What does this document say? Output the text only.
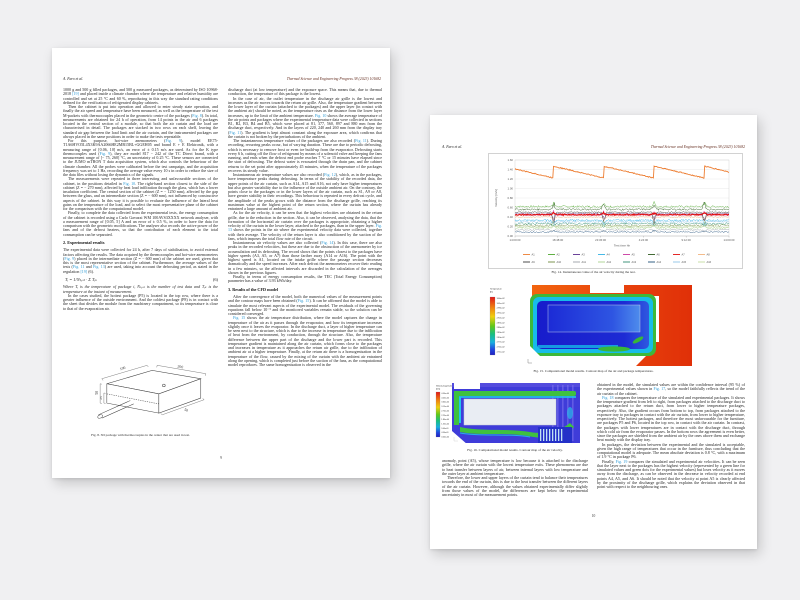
A. Faro et al.	Thermal Science and Engineering Progress 38 (2023) 101682

1000 g and 500 g filled packages, and 500 g measured packages, as determined by ISO 10968-2018 [19] and placed inside a climate chamber where the temperature and relative humidity are controlled and set at 25 °C and 60 %, reproducing in this way the standard rating conditions defined for the verification of refrigerated display cabinets.

Then the cabinet is put into operation and allowed to enter steady state operation, and finally the air speed and temperature have been measured, as well as the temperature of the test M-packets with thermocouples placed in the geometric centre of the packages (Fig. 8). In total, measurements are obtained for 24 h of operation, from 14 points in the air and 6 packages located in the central section of a module, so that both the air curtain and the load are characterised in detail. The packages are stacked in two rows on each shelf, leaving the standard air gap between the load limit and the air curtain, and the instrumented packages are always placed in the same positions in order to make the tests repeatable.

For this purpose, hot-wire anemometers (Fig. 9), model EE75-T1A6HVO5L4X3K9AA2066HE2MB15BL+GGEH05 and brand E + E Elektronik, with a measuring range of [0.06, 10] m/s, an error of ± 0.15 m/s are used. As for the K type thermocouples used (Fig. 9), they are model 817 − 242 of the TC Direct brand, with a measurement range of [− 75, 260] °C, an uncertainty of 0.25 °C. These sensors are connected to the JUMO mTRON T data acquisition system, which also controls the behaviour of the climate chamber. All the probes were calibrated before the test campaign, and the acquisition frequency was set to 1 Hz, recording the average value every 10 s in order to reduce the size of the data files without losing the dynamics of the signals.

The measurements were repeated in three interesting and unfavourable sections of the cabinet, in the positions detailed in Fig. 10. The right-hand section closest to the side of the cabinet (Z = − 270 mm), affected by heat load infiltration through the glass, which has a lower insulation coefficient. The central section of the cabinet (Z = − 1250 mm), affected by the gap between the glass, and an intermediate section (Z = − 600 mm), not influenced by constructive aspects of the cabinet. In this way it is possible to evaluate the influence of the lateral heat gains on the temperature of the load, and to select the most representative plane of the cabinet for the comparison with the computational model.

Finally, to complete the data collected from the experimental tests, the energy consumption of the cabinet is recorded using a Carlo Gavazzi WM 100AVS3XXXX network analyser, with a measurement range of [0.05, 5] A and an error of ± 0.5 %, in order to have the data for comparison with the geometric modifications. The analyser also records the active power of the fans and of the defrost heaters, so that the contribution of each element to the total consumption can be separated.

2. Experimental results

The experimental data were collected for 24 h, after 7 days of stabilisation, to avoid external factors affecting the results. The data acquired by the thermocouples and hot-wire anemometers (Fig. 9) placed in the intermediate section (Z = − 600 mm) of the cabinet are used, given that this is the most representative section of the cabinet. Furthermore, the average values of the tests (Fig. 11 and Fig. 13) are used, taking into account the defrosting period, as stated in the regulation [19] (6).

Tᵢ = 1/Nₜₑₛₜ · Σ Tᵢₖ	(6)

Where Tᵢ is the temperature of package i, Nₜₑₛₜ is the number of test data and Tᵢₖ is the temperature at the instant of measurement.

In the cases studied, the hottest package (P5) is located in the top row, where there is a greater influence of the outside environment. And the coldest package (P8) is in contact with the sheet that divides the module from the machinery compartment, so its temperature is close to that of the evaporation air.

100	200
50
25
50

Fig. 8. 3D package with thermocouples in the center that are used in test.

discharge duct (at low temperature) and the exposure space. This means that, due to thermal conduction, the temperature of this package is the lowest.

In the case of air, the outlet temperature in the discharge air grille is the lowest and increases as the air moves towards the return air grille. Also, the temperature gradient between the lower layer of the curtain (attached to the packages) and the upper layer (in contact with the ambient air) should be noted, as the temperature rises as the distance from the lower layer increases, up to the limit of the ambient temperature. Fig. 10 shows the average temperature of the air points and packages where the experimental temperature data were collected in sections B1, B2, B3, B4 and B5, which were placed at 81, 377, 560, 897 and 880 mm from the discharge duct, respectively. And in the layers of 220, 240 and 260 mm from the display tray (Fig. 11). The gradient is kept almost constant along the exposure area, which confirms that the curtain is not broken by the perturbations of the ambient.

The instantaneous temperature values of the packages are also recorded (Fig. 11). During recording, recurring peaks occur, but of varying duration. These are due to periodic defrosting, which is necessary to remove frost or even ice build-up from the evaporator. Defrosting starts every 6 h, cutting off the flow of refrigerant by means of a solenoid valve and keeping the fans running, and ends when the defrost end probe reaches 7 °C or 15 minutes have elapsed since the start of defrosting. The defrost water is evacuated through the drain pan, and the cabinet returns to the set point after approximately 45 minutes, when the temperature of the packages recovers its steady value.

Instantaneous air temperature values are also recorded (Fig. 12), which, as in the packages, have temperature peaks during defrosting. In terms of the stability of the recorded data, the upper points of the air curtain, such as A14, A15 and A16, not only have higher temperatures but also greater variability due to the influence of the outside ambient air. On the contrary, the points close to the packages or in the lower layers of the air curtain, such as S1, A9 or A8, have greater stability in their recordings. This behaviour is repeated in every defrost cycle, and the amplitude of the peaks grows with the distance from the discharge grille, reaching its maximum value at the highest point of the return section, where the curtain has already entrained a large amount of ambient air.

As for the air velocity, it can be seen that the highest velocities are obtained in the return grille, due to the reduction in the section. Also, it can be observed, analysing the data, that the formation of the horizontal air curtain over the packages is appropriate, obtaining a higher velocity of the curtain in the lower layer, attached to the packages, than in the upper layer. Fig. 13 shows the points in the air where the experimental velocity data were collected, together with their average. The velocity of the return layer is also conditioned by the suction of the fans, which imposes the total flow rate of the circuit.

Instantaneous air velocity values are also collected (Fig. 14). In this case, there are also peaks in the recorded velocities, but these are due to the obstruction of the anemometer by ice accumulation and its defrosting. The record shows that the points closest to the packages have higher speeds (A3, A5, or A7) than those farther away (A14 or A16). The point with the highest speed is A1, located on the intake grille where the passage section decreases dramatically and the speed increases. After each defrost the anemometers recover their reading in a few minutes, so the affected intervals are discarded in the calculation of the averages shown in the previous figures.

Finally, in terms of energy consumption results, the TEC (Total Energy Consumption) parameter has a value of 3.93 kWh/day.

3. Results of the CFD model

After the convergence of the model, both the numerical values of the measurement points and the contour maps have been obtained (Fig. 15). It can be affirmed that the model is able to simulate the most relevant aspects of the experimental model. The residuals of the governing equations fall below 10⁻⁵ and the monitored variables remain stable, so the solution can be considered converged.

Fig. 15 shows the air temperature distribution, where the model captures the change in temperature of the air as it passes through the evaporator, and how its temperature increases slightly once it leaves the evaporator. In the discharge duct, a layer of higher temperature can be seen next to the structure, which is due to the increase in temperature due to the infiltration of heat from the environment, by conduction, through the structure. Also, the temperature difference between the upper part of the discharge and the lower part is recorded. This temperature gradient is maintained along the air curtain, which forms close to the packages and increases in temperature as it approaches the return air grille, due to the infiltration of ambient air at a higher temperature. Finally, at the return air there is a homogenisation in the temperature of the flow, caused by the mixing of the curtain with the ambient air entrained along the opening, which is completed just before the suction of the fans, as the computational model reproduces. The same homogenisation is observed in the

9
A. Faro et al.	Thermal Science and Engineering Progress 38 (2023) 101682
0.00
0.20
0.40
0.60
0.80
1.00
1.20
1.40
1.60
14:00:00	18:48:00	23:36:00	4:24:00	9:12:00	14:00:00
Test time hh
Velocity [m/s]
A1	A2	A3	A4	A5	A6	A7	A8
A9	A10	A11	A12	A13	A14	A15	A16

Fig. 14. Instantaneous value of the air velocity during the test.

Temperature
[K]
3.04e+02
3.01e+02
2.98e+02
2.95e+02
2.92e+02
2.89e+02
2.86e+02
2.83e+02
2.80e+02
2.77e+02
2.74e+02
2.71e+02

Fig. 15. Computational model results. Contour map of the air and package temperatures.

Velocity magnitude
[m/s]
4.50e+00
4.05e+00
3.60e+00
3.15e+00
2.70e+00
2.25e+00
1.80e+00
1.35e+00
9.00e-01
4.50e-01
0.00e+00

Fig. 16. Computational model results. Contour map of the air velocity.

anomaly, point (A5), whose temperature is low because it is attached to the discharge grille, where the air curtain with the lowest temperature exits. These phenomena are due to heat transfer between layers of air, between internal layers with low temperature and the outer layer at ambient temperature.

Therefore, the lower and upper layers of the curtain tend to balance their temperatures towards the end of the curtain, this is due to the heat transfer between the different layers of the air curtain. However, although the values obtained experimentally differ slightly from those values of the model, the differences are kept below the experimental uncertainty in most of the measurement points.

obtained in the model, the simulated values are within the confidence interval (95 %) of the experimental values shown in Fig. 17, so the model faithfully reflects the trend of the air curtain of the cabinet.

Fig. 18 compares the temperature of the simulated and experimental packages. It shows the temperature gradient from left to right, from packages attached to the discharge duct to packages attached to the return duct, from lower to higher temperature packages, respectively. Also, the gradient occurs from bottom to top, from packages attached to the exposure tray to packages in contact with the air curtain, from lower to higher temperature, respectively. The hottest packages, and therefore the most unfavourable for the furniture, are packages P5 and P6, located in the top row, in contact with the air curtain. In contrast, the packages with lower temperatures are in contact with the discharge duct, through which cold air from the evaporator passes. In the bottom rows the agreement is even better, since the packages are shielded from the ambient air by the ones above them and exchange heat mainly with the display tray.

In packages, the deviation between the experimental and the simulated is acceptable, given the high range of temperatures that occur in the furniture, thus concluding that the computational model is adequate. The mean absolute deviation is 0.8 °C, with a maximum of 1.9 °C in package P6.

Finally, Fig. 19 compares the simulated and experimental air velocities. It can be seen that the layer next to the packages has the highest velocity (represented by a green line for simulated values and green dots for the experimental values) but loses velocity as it moves away from the discharge, as can be observed in the decrease in velocity recorded at end points A4, A5, and A6. It should be noted that the velocity at point A5 is clearly affected by the proximity of the discharge grille, which explains the deviation observed in that point with respect to the neighbouring ones.

10
